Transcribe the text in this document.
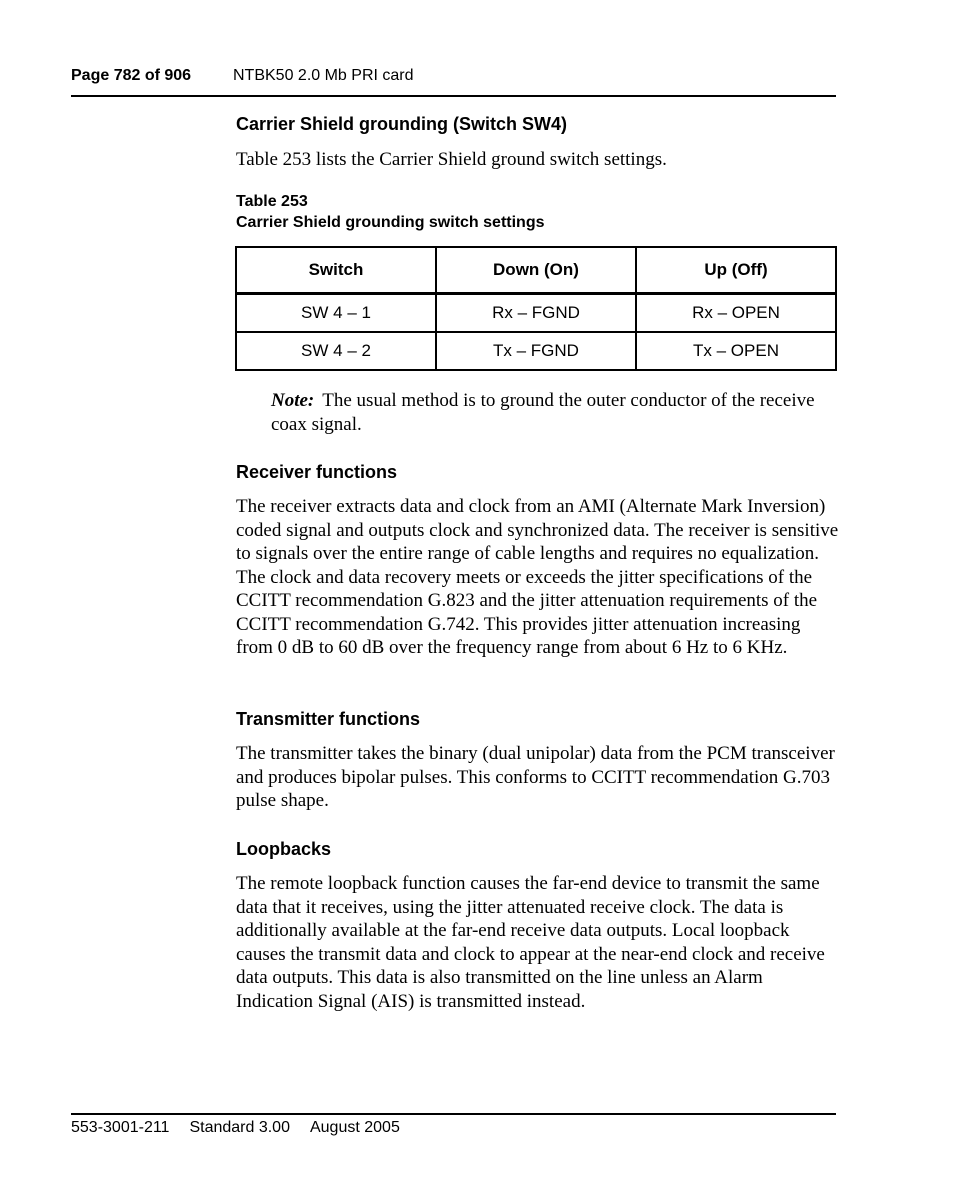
Page 782 of 906	NTBK50 2.0 Mb PRI card
Carrier Shield grounding (Switch SW4)
Table 253 lists the Carrier Shield ground switch settings.
Table 253
Carrier Shield grounding switch settings
Switch	Down (On)	Up (Off)
SW 4 – 1	Rx – FGND	Rx – OPEN
SW 4 – 2	Tx – FGND	Tx – OPEN
Note: The usual method is to ground the outer conductor of the receive coax signal.
Receiver functions
The receiver extracts data and clock from an AMI (Alternate Mark Inversion) coded signal and outputs clock and synchronized data. The receiver is sensitive to signals over the entire range of cable lengths and requires no equalization. The clock and data recovery meets or exceeds the jitter specifications of the CCITT recommendation G.823 and the jitter attenuation requirements of the CCITT recommendation G.742. This provides jitter attenuation increasing from 0 dB to 60 dB over the frequency range from about 6 Hz to 6 KHz.
Transmitter functions
The transmitter takes the binary (dual unipolar) data from the PCM transceiver and produces bipolar pulses. This conforms to CCITT recommendation G.703 pulse shape.
Loopbacks
The remote loopback function causes the far-end device to transmit the same data that it receives, using the jitter attenuated receive clock. The data is additionally available at the far-end receive data outputs. Local loopback causes the transmit data and clock to appear at the near-end clock and receive data outputs. This data is also transmitted on the line unless an Alarm Indication Signal (AIS) is transmitted instead.
553-3001-211 Standard 3.00 August 2005
